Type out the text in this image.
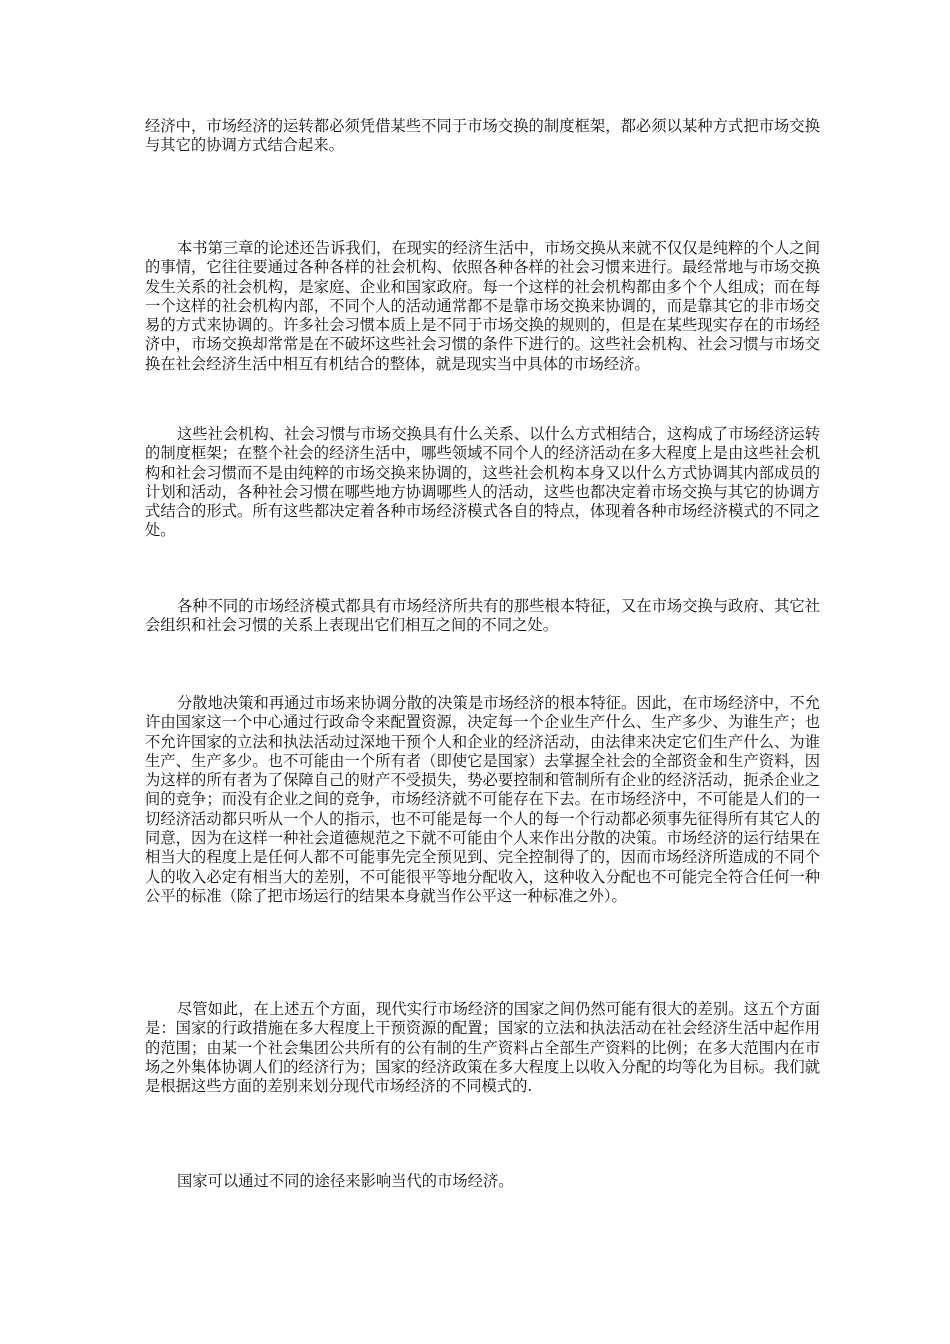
经济中，市场经济的运转都必须凭借某些不同于市场交换的制度框架，都必须以某种方式把市场交换与其它的协调方式结合起来。

本书第三章的论述还告诉我们，在现实的经济生活中，市场交换从来就不仅仅是纯粹的个人之间的事情，它往往要通过各种各样的社会机构、依照各种各样的社会习惯来进行。最经常地与市场交换发生关系的社会机构，是家庭、企业和国家政府。每一个这样的社会机构都由多个个人组成；而在每一个这样的社会机构内部，不同个人的活动通常都不是靠市场交换来协调的，而是靠其它的非市场交易的方式来协调的。许多社会习惯本质上是不同于市场交换的规则的，但是在某些现实存在的市场经济中，市场交换却常常是在不破坏这些社会习惯的条件下进行的。这些社会机构、社会习惯与市场交换在社会经济生活中相互有机结合的整体，就是现实当中具体的市场经济。

这些社会机构、社会习惯与市场交换具有什么关系、以什么方式相结合，这构成了市场经济运转的制度框架；在整个社会的经济生活中，哪些领域不同个人的经济活动在多大程度上是由这些社会机构和社会习惯而不是由纯粹的市场交换来协调的，这些社会机构本身又以什么方式协调其内部成员的计划和活动，各种社会习惯在哪些地方协调哪些人的活动，这些也都决定着市场交换与其它的协调方式结合的形式。所有这些都决定着各种市场经济模式各自的特点，体现着各种市场经济模式的不同之处。

各种不同的市场经济模式都具有市场经济所共有的那些根本特征，又在市场交换与政府、其它社会组织和社会习惯的关系上表现出它们相互之间的不同之处。

分散地决策和再通过市场来协调分散的决策是市场经济的根本特征。因此，在市场经济中，不允许由国家这一个中心通过行政命令来配置资源，决定每一个企业生产什么、生产多少、为谁生产；也不允许国家的立法和执法活动过深地干预个人和企业的经济活动，由法律来决定它们生产什么、为谁生产、生产多少。也不可能由一个所有者（即使它是国家）去掌握全社会的全部资金和生产资料，因为这样的所有者为了保障自己的财产不受损失，势必要控制和管制所有企业的经济活动，扼杀企业之间的竞争；而没有企业之间的竞争，市场经济就不可能存在下去。在市场经济中，不可能是人们的一切经济活动都只听从一个人的指示，也不可能是每一个人的每一个行动都必须事先征得所有其它人的同意，因为在这样一种社会道德规范之下就不可能由个人来作出分散的决策。市场经济的运行结果在相当大的程度上是任何人都不可能事先完全预见到、完全控制得了的，因而市场经济所造成的不同个人的收入必定有相当大的差别，不可能很平等地分配收入，这种收入分配也不可能完全符合任何一种公平的标准（除了把市场运行的结果本身就当作公平这一种标准之外）。

尽管如此，在上述五个方面，现代实行市场经济的国家之间仍然可能有很大的差别。这五个方面是：国家的行政措施在多大程度上干预资源的配置；国家的立法和执法活动在社会经济生活中起作用的范围；由某一个社会集团公共所有的公有制的生产资料占全部生产资料的比例；在多大范围内在市场之外集体协调人们的经济行为；国家的经济政策在多大程度上以收入分配的均等化为目标。我们就是根据这些方面的差别来划分现代市场经济的不同模式的.

国家可以通过不同的途径来影响当代的市场经济。
